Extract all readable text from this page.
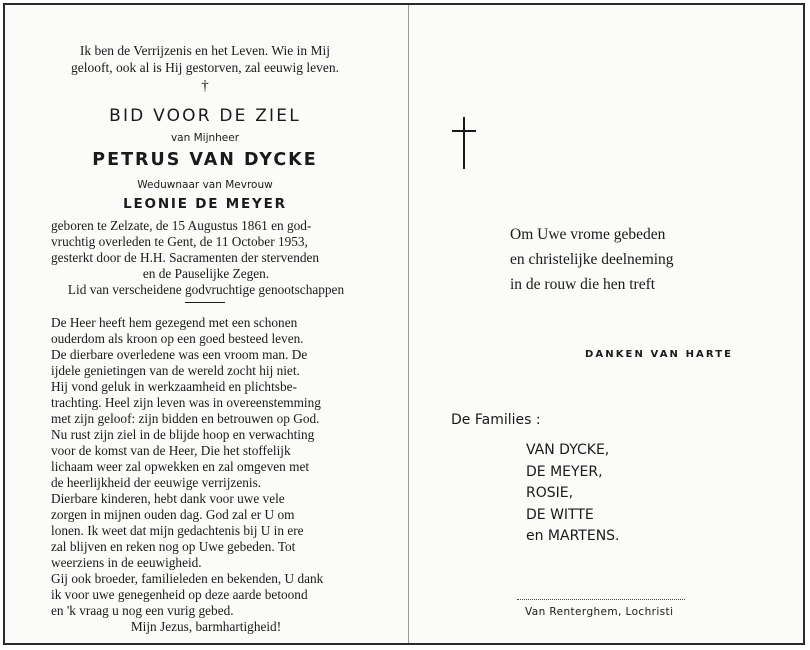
Ik ben de Verrijzenis en het Leven. Wie in Mij
gelooft, ook al is Hij gestorven, zal eeuwig leven.
†
BID VOOR DE ZIEL
van Mijnheer
PETRUS VAN DYCKE
Weduwnaar van Mevrouw
LEONIE DE MEYER
geboren te Zelzate, de 15 Augustus 1861 en god-
vruchtig overleden te Gent, de 11 October 1953,
gesterkt door de H.H. Sacramenten der stervenden
en de Pauselijke Zegen.
Lid van verscheidene godvruchtige genootschappen
De Heer heeft hem gezegend met een schonen
ouderdom als kroon op een goed besteed leven.
De dierbare overledene was een vroom man. De
ijdele genietingen van de wereld zocht hij niet.
Hij vond geluk in werkzaamheid en plichtsbe-
trachting. Heel zijn leven was in overeenstemming
met zijn geloof: zijn bidden en betrouwen op God.
Nu rust zijn ziel in de blijde hoop en verwachting
voor de komst van de Heer, Die het stoffelijk
lichaam weer zal opwekken en zal omgeven met
de heerlijkheid der eeuwige verrijzenis.
Dierbare kinderen, hebt dank voor uwe vele
zorgen in mijnen ouden dag. God zal er U om
lonen. Ik weet dat mijn gedachtenis bij U in ere
zal blijven en reken nog op Uwe gebeden. Tot
weerziens in de eeuwigheid.
Gij ook broeder, familieleden en bekenden, U dank
ik voor uwe genegenheid op deze aarde betoond
en 'k vraag u nog een vurig gebed.
Mijn Jezus, barmhartigheid!
Om Uwe vrome gebeden
en christelijke deelneming
in de rouw die hen treft
DANKEN VAN HARTE
De Families :
VAN DYCKE,
DE MEYER,
ROSIE,
DE WITTE
en MARTENS.
Van Renterghem, Lochristi
